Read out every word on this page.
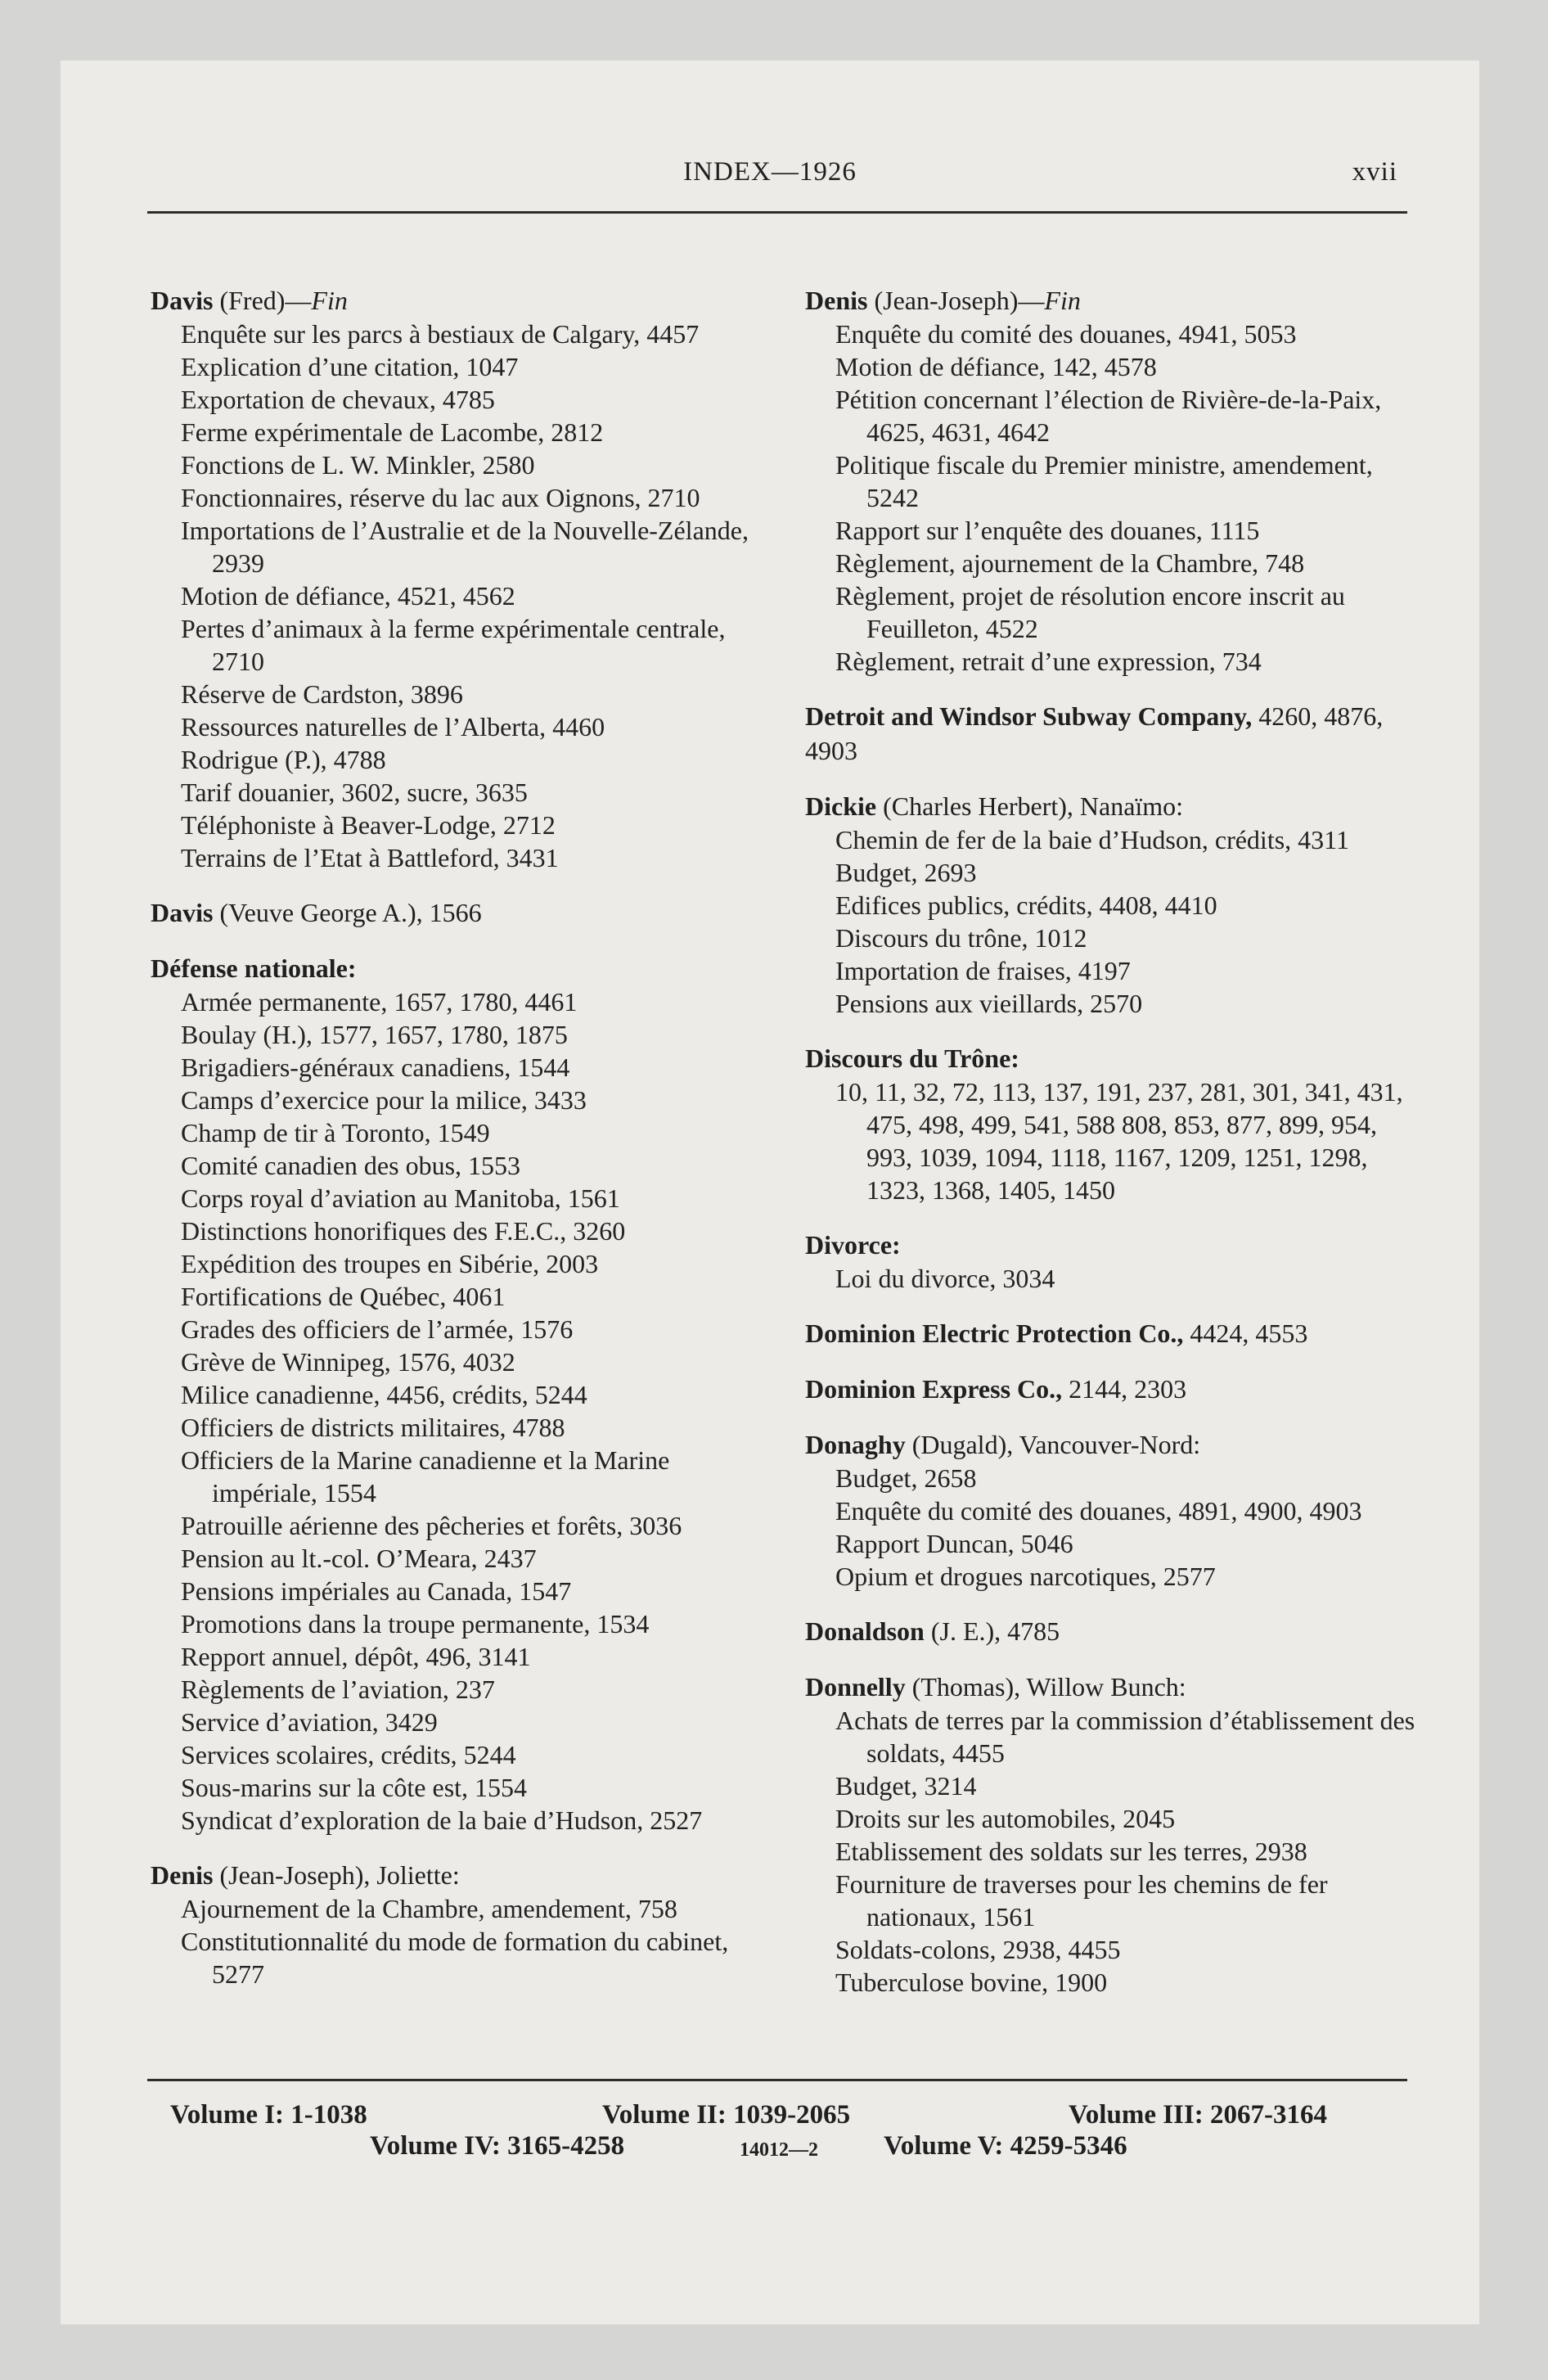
INDEX—1926	xvii
Davis (Fred)—Fin
Enquête sur les parcs à bestiaux de Calgary, 4457
Explication d’une citation, 1047
Exportation de chevaux, 4785
Ferme expérimentale de Lacombe, 2812
Fonctions de L. W. Minkler, 2580
Fonctionnaires, réserve du lac aux Oignons, 2710
Importations de l’Australie et de la Nouvelle-Zélande, 2939
Motion de défiance, 4521, 4562
Pertes d’animaux à la ferme expérimentale centrale, 2710
Réserve de Cardston, 3896
Ressources naturelles de l’Alberta, 4460
Rodrigue (P.), 4788
Tarif douanier, 3602, sucre, 3635
Téléphoniste à Beaver-Lodge, 2712
Terrains de l’Etat à Battleford, 3431
Davis (Veuve George A.), 1566
Défense nationale:
Armée permanente, 1657, 1780, 4461
Boulay (H.), 1577, 1657, 1780, 1875
Brigadiers-généraux canadiens, 1544
Camps d’exercice pour la milice, 3433
Champ de tir à Toronto, 1549
Comité canadien des obus, 1553
Corps royal d’aviation au Manitoba, 1561
Distinctions honorifiques des F.E.C., 3260
Expédition des troupes en Sibérie, 2003
Fortifications de Québec, 4061
Grades des officiers de l’armée, 1576
Grève de Winnipeg, 1576, 4032
Milice canadienne, 4456, crédits, 5244
Officiers de districts militaires, 4788
Officiers de la Marine canadienne et la Marine impériale, 1554
Patrouille aérienne des pêcheries et forêts, 3036
Pension au lt.-col. O’Meara, 2437
Pensions impériales au Canada, 1547
Promotions dans la troupe permanente, 1534
Repport annuel, dépôt, 496, 3141
Règlements de l’aviation, 237
Service d’aviation, 3429
Services scolaires, crédits, 5244
Sous-marins sur la côte est, 1554
Syndicat d’exploration de la baie d’Hudson, 2527
Denis (Jean-Joseph), Joliette:
Ajournement de la Chambre, amendement, 758
Constitutionnalité du mode de formation du cabinet, 5277
Denis (Jean-Joseph)—Fin
Enquête du comité des douanes, 4941, 5053
Motion de défiance, 142, 4578
Pétition concernant l’élection de Rivière-de-la-Paix, 4625, 4631, 4642
Politique fiscale du Premier ministre, amendement, 5242
Rapport sur l’enquête des douanes, 1115
Règlement, ajournement de la Chambre, 748
Règlement, projet de résolution encore inscrit au Feuilleton, 4522
Règlement, retrait d’une expression, 734
Detroit and Windsor Subway Company, 4260, 4876, 4903
Dickie (Charles Herbert), Nanaïmo:
Chemin de fer de la baie d’Hudson, crédits, 4311
Budget, 2693
Edifices publics, crédits, 4408, 4410
Discours du trône, 1012
Importation de fraises, 4197
Pensions aux vieillards, 2570
Discours du Trône:
10, 11, 32, 72, 113, 137, 191, 237, 281, 301, 341, 431, 475, 498, 499, 541, 588 808, 853, 877, 899, 954, 993, 1039, 1094, 1118, 1167, 1209, 1251, 1298, 1323, 1368, 1405, 1450
Divorce:
Loi du divorce, 3034
Dominion Electric Protection Co., 4424, 4553
Dominion Express Co., 2144, 2303
Donaghy (Dugald), Vancouver-Nord:
Budget, 2658
Enquête du comité des douanes, 4891, 4900, 4903
Rapport Duncan, 5046
Opium et drogues narcotiques, 2577
Donaldson (J. E.), 4785
Donnelly (Thomas), Willow Bunch:
Achats de terres par la commission d’établissement des soldats, 4455
Budget, 3214
Droits sur les automobiles, 2045
Etablissement des soldats sur les terres, 2938
Fourniture de traverses pour les chemins de fer nationaux, 1561
Soldats-colons, 2938, 4455
Tuberculose bovine, 1900
Volume I: 1-1038	Volume II: 1039-2065	Volume III: 2067-3164
Volume IV: 3165-4258	Volume V: 4259-5346
14012—2
